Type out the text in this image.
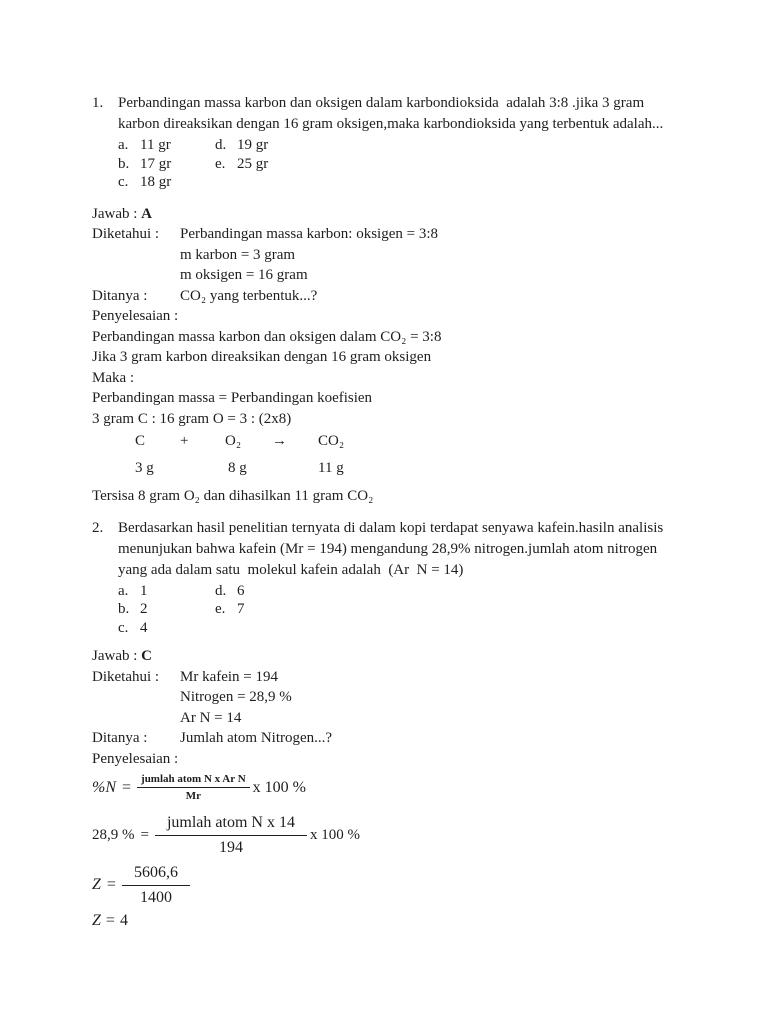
1. Perbandingan massa karbon dan oksigen dalam karbondioksida  adalah 3:8 .jika 3 gram
karbon direaksikan dengan 16 gram oksigen,maka karbondioksida yang terbentuk adalah...
a. 11 gr	d. 19 gr
b. 17 gr	e. 25 gr
c. 18 gr
Jawab : A
Diketahui :	Perbandingan massa karbon: oksigen = 3:8
m karbon = 3 gram
m oksigen = 16 gram
Ditanya :	CO₂ yang terbentuk...?
Penyelesaian :
Perbandingan massa karbon dan oksigen dalam CO₂ = 3:8
Jika 3 gram karbon direaksikan dengan 16 gram oksigen
Maka :
Perbandingan massa = Perbandingan koefisien
3 gram C : 16 gram O = 3 : (2x8)
C	+	O₂	→	CO₂
3 g	8 g	11 g
Tersisa 8 gram O₂ dan dihasilkan 11 gram CO₂
2. Berdasarkan hasil penelitian ternyata di dalam kopi terdapat senyawa kafein.hasiln analisis
menunjukan bahwa kafein (Mr = 194) mengandung 28,9% nitrogen.jumlah atom nitrogen
yang ada dalam satu  molekul kafein adalah  (Ar  N = 14)
a. 1	d. 6
b. 2	e. 7
c. 4
Jawab : C
Diketahui :	Mr kafein = 194
Nitrogen = 28,9 %
Ar N = 14
Ditanya :	Jumlah atom Nitrogen...?
Penyelesaian :
$\%N = \frac{\text{jumlah atom N x Ar N}}{Mr}$ x 100 %
28,9 % = $\frac{\text{jumlah atom N x 14}}{194}$ x 100 %
$Z = \frac{5606,6}{1400}$
Z = 4
